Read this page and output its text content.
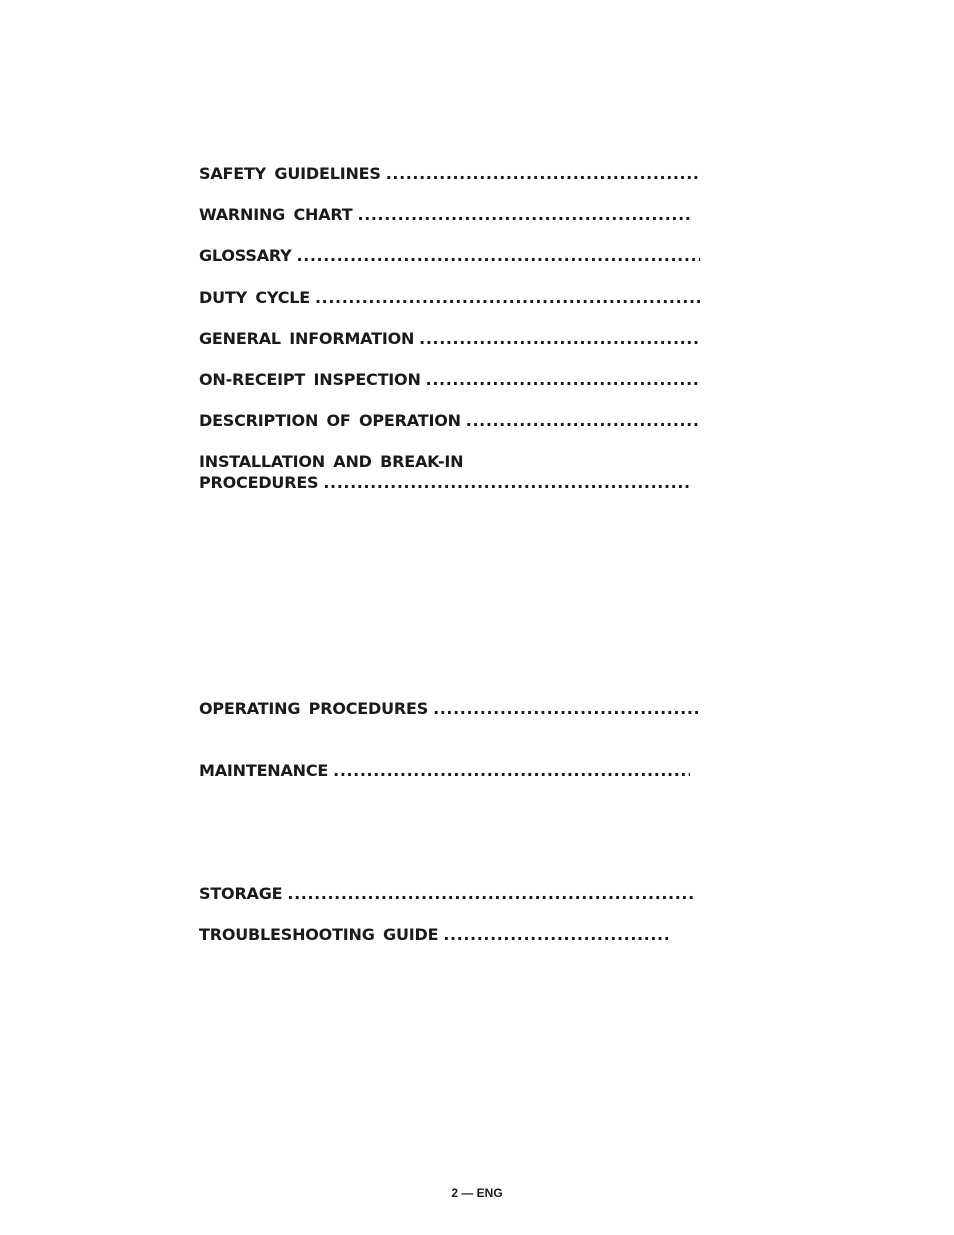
SAFETY GUIDELINES
.....
WARNING CHART
.....
GLOSSARY
.....
DUTY CYCLE
.....
GENERAL INFORMATION
.....
ON-RECEIPT INSPECTION
.....
DESCRIPTION OF OPERATION
.....
INSTALLATION AND BREAK-IN
PROCEDURES
.....
OPERATING PROCEDURES
.....
MAINTENANCE
.....
STORAGE
.....
TROUBLESHOOTING GUIDE
.....
2 — ENG
